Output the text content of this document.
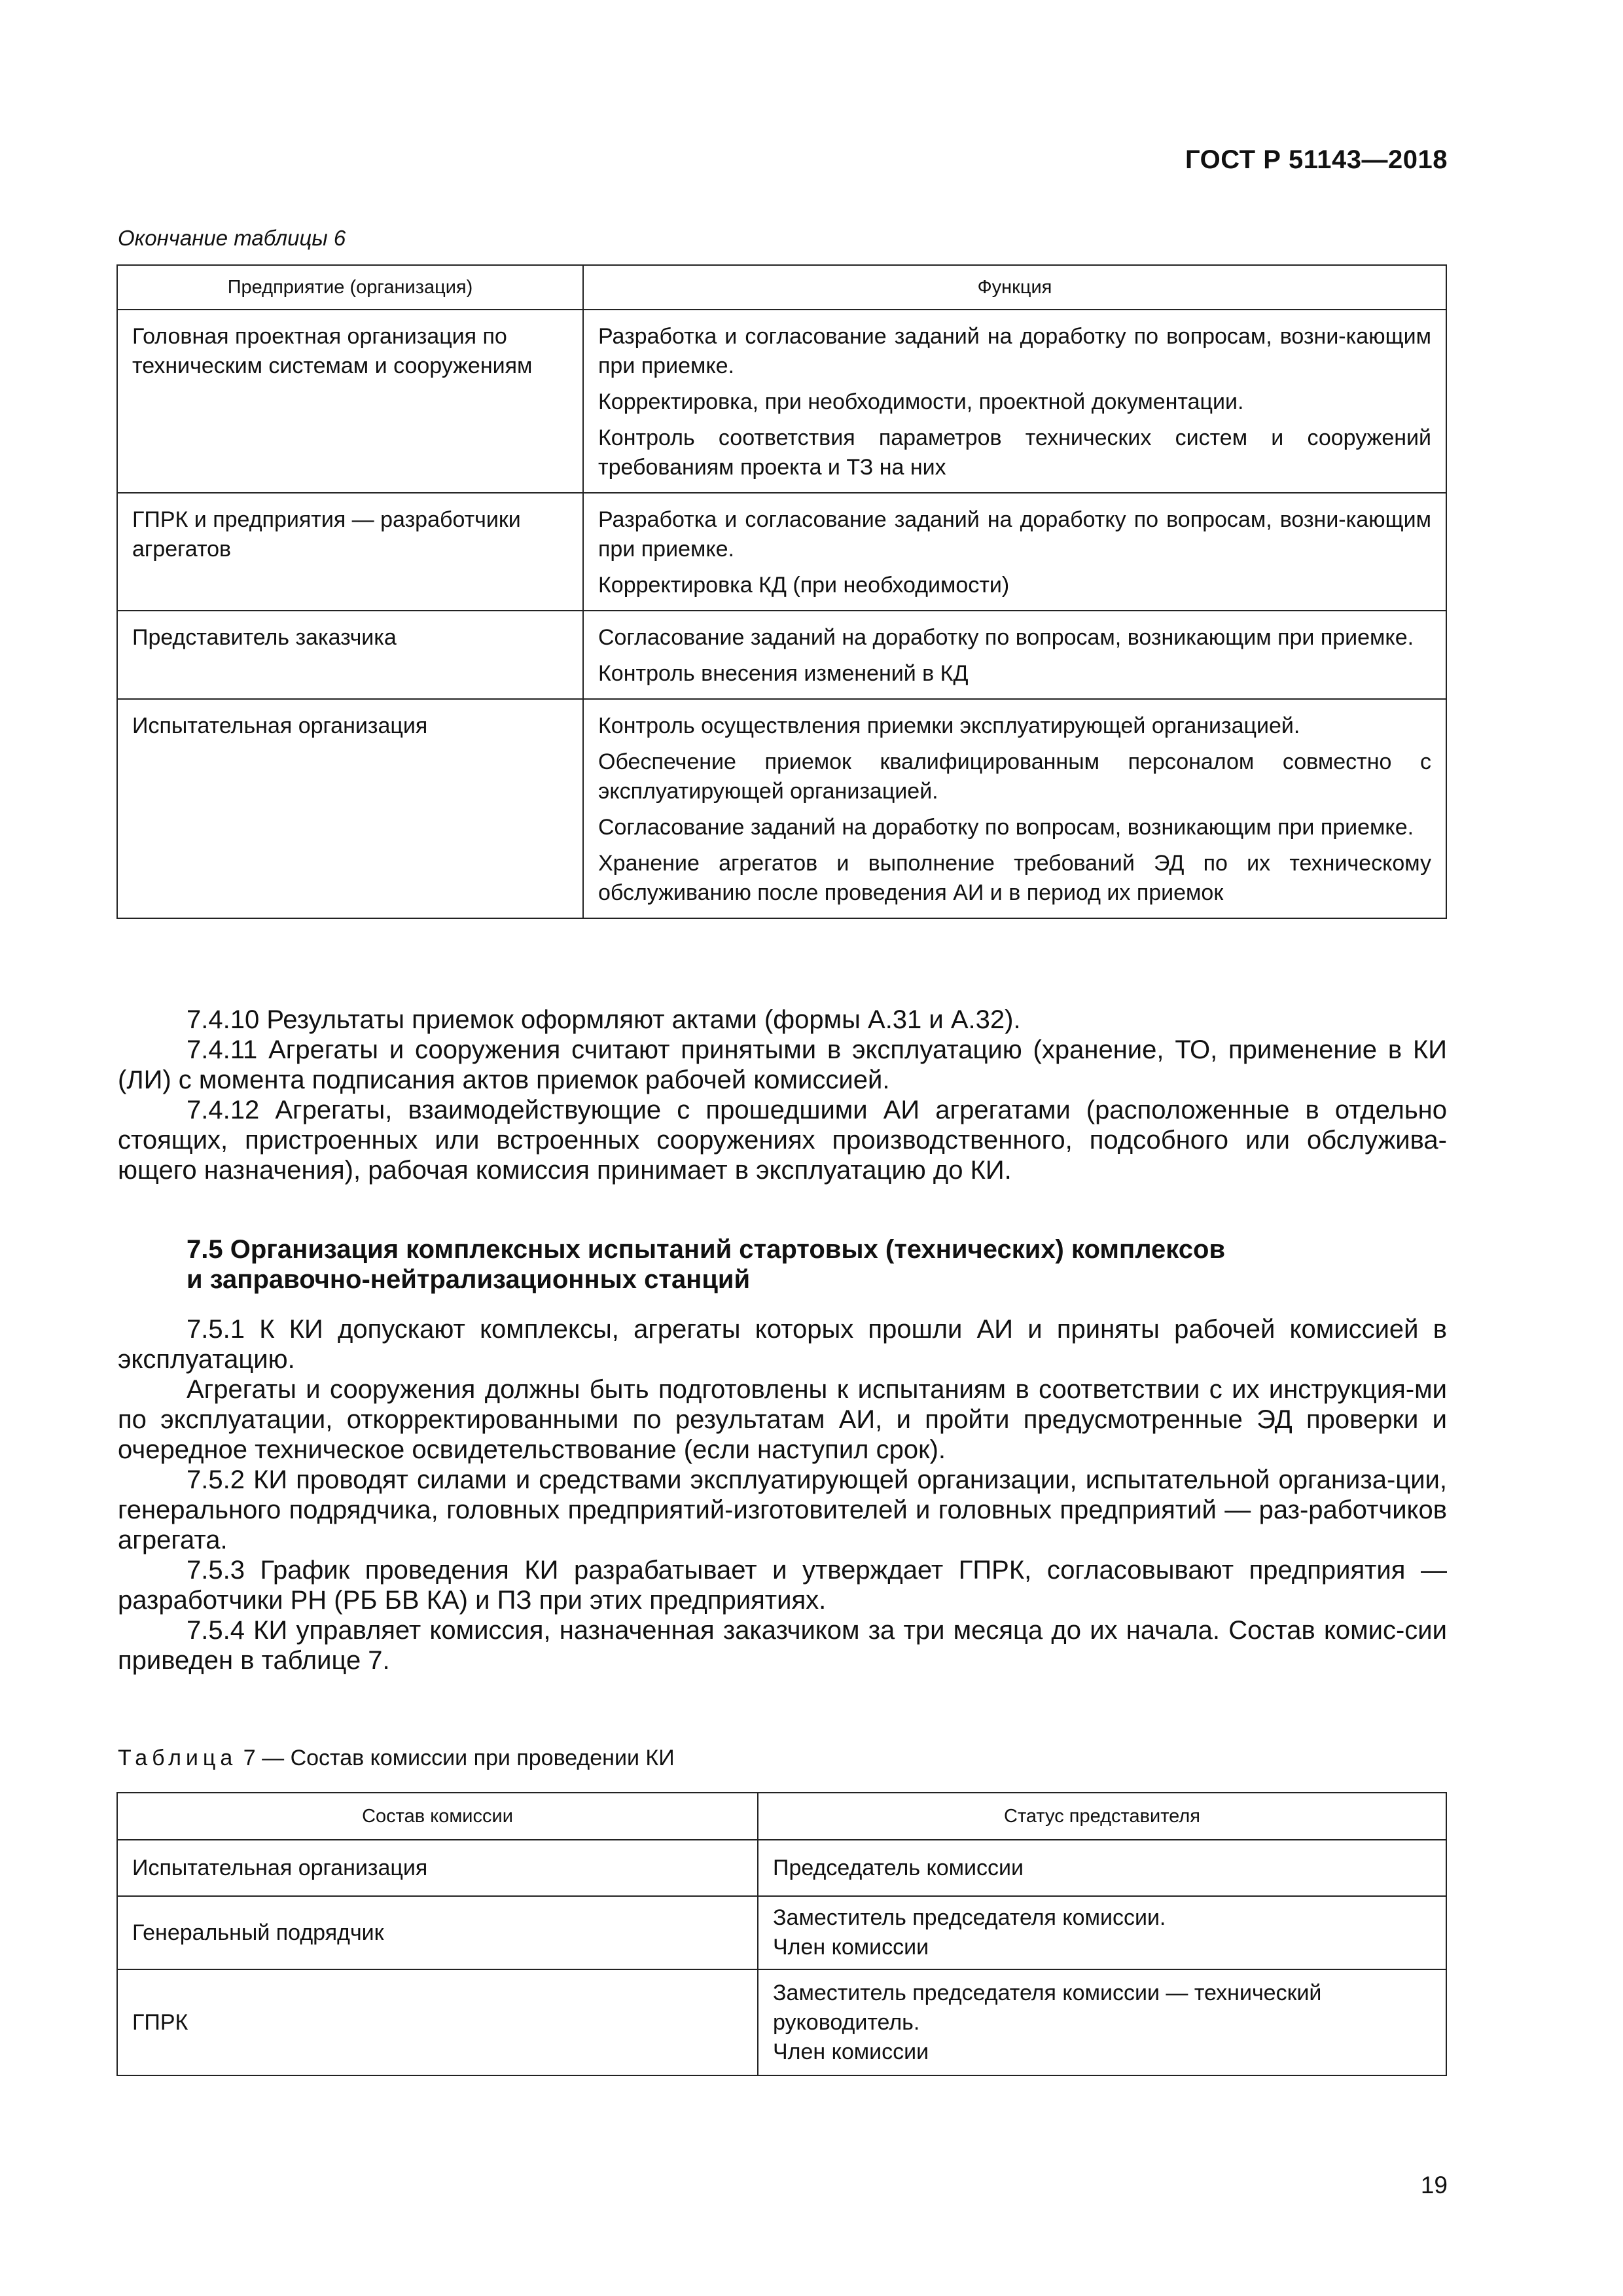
ГОСТ Р 51143—2018
Окончание таблицы 6
Предприятие (организация)	Функция
Головная проектная организация по техническим системам и сооружениям	Разработка и согласование заданий на доработку по вопросам, возни-кающим при приемке.
Корректировка, при необходимости, проектной документации.
Контроль соответствия параметров технических систем и сооружений требованиям проекта и ТЗ на них

ГПРК и предприятия — разработчики агрегатов	Разработка и согласование заданий на доработку по вопросам, возни-кающим при приемке.
Корректировка КД (при необходимости)

Представитель заказчика	Согласование заданий на доработку по вопросам, возникающим при приемке.
Контроль внесения изменений в КД

Испытательная организация	Контроль осуществления приемки эксплуатирующей организацией.
Обеспечение приемок квалифицированным персоналом совместно с эксплуатирующей организацией.
Согласование заданий на доработку по вопросам, возникающим при приемке.
Хранение агрегатов и выполнение требований ЭД по их техническому обслуживанию после проведения АИ и в период их приемок

7.4.10 Результаты приемок оформляют актами (формы А.31 и А.32).

7.4.11 Агрегаты и сооружения считают принятыми в эксплуатацию (хранение, ТО, применение в КИ (ЛИ) с момента подписания актов приемок рабочей комиссией.

7.4.12 Агрегаты, взаимодействующие с прошедшими АИ агрегатами (расположенные в отдельно стоящих, пристроенных или встроенных сооружениях производственного, подсобного или обслужива-ющего назначения), рабочая комиссия принимает в эксплуатацию до КИ.

7.5 Организация комплексных испытаний стартовых (технических) комплексов
и заправочно-нейтрализационных станций

7.5.1 К КИ допускают комплексы, агрегаты которых прошли АИ и приняты рабочей комиссией в эксплуатацию.

Агрегаты и сооружения должны быть подготовлены к испытаниям в соответствии с их инструкция-ми по эксплуатации, откорректированными по результатам АИ, и пройти предусмотренные ЭД проверки и очередное техническое освидетельствование (если наступил срок).

7.5.2 КИ проводят силами и средствами эксплуатирующей организации, испытательной организа-ции, генерального подрядчика, головных предприятий-изготовителей и головных предприятий — раз-работчиков агрегата.

7.5.3 График проведения КИ разрабатывает и утверждает ГПРК, согласовывают предприятия — разработчики РН (РБ БВ КА) и ПЗ при этих предприятиях.

7.5.4 КИ управляет комиссия, назначенная заказчиком за три месяца до их начала. Состав комис-сии приведен в таблице 7.

Таблица 7 — Состав комиссии при проведении КИ
Состав комиссии	Статус представителя
Испытательная организация	Председатель комиссии

Генеральный подрядчик	Заместитель председателя комиссии.
Член комиссии

ГПРК	Заместитель председателя комиссии — технический руководитель.
Член комиссии
19
